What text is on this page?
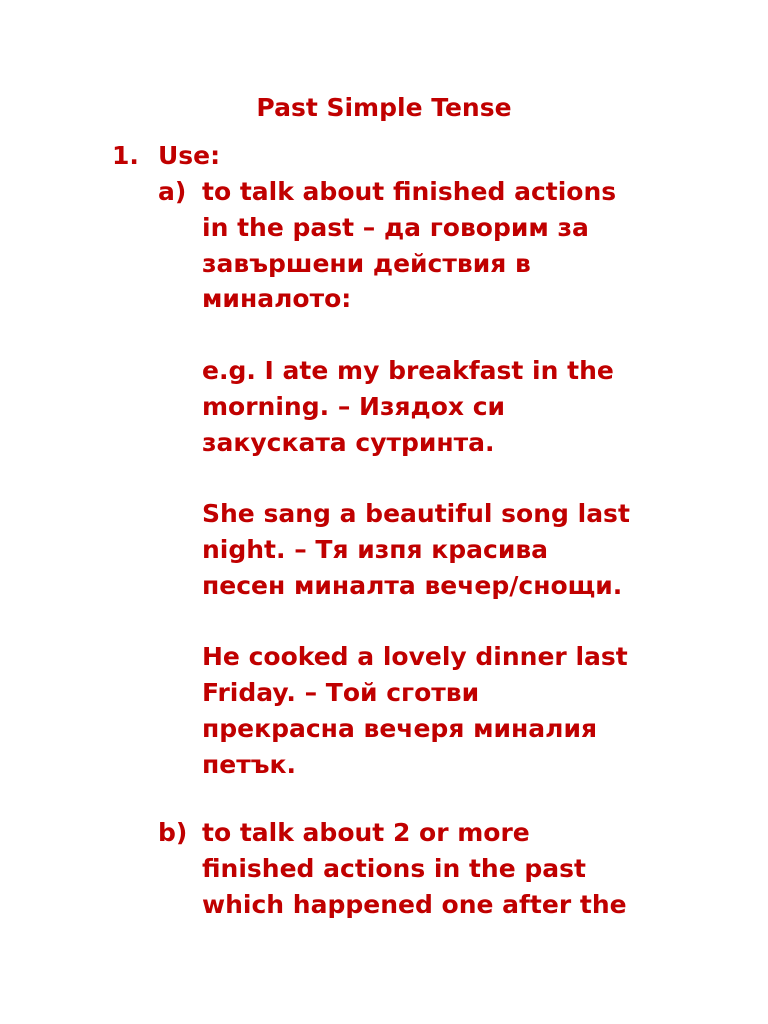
Past Simple Tense
1. Use:
a) to talk about finished actions
in the past – да говорим за
завършени действия в
миналото:
e.g. I ate my breakfast in the
morning. – Изядох си
закуската сутринта.
She sang a beautiful song last
night. – Тя изпя красива
песен миналта вечер/снощи.
He cooked a lovely dinner last
Friday. – Той сготви
прекрасна вечеря миналия
петък.
b) to talk about 2 or more
finished actions in the past
which happened one after the
